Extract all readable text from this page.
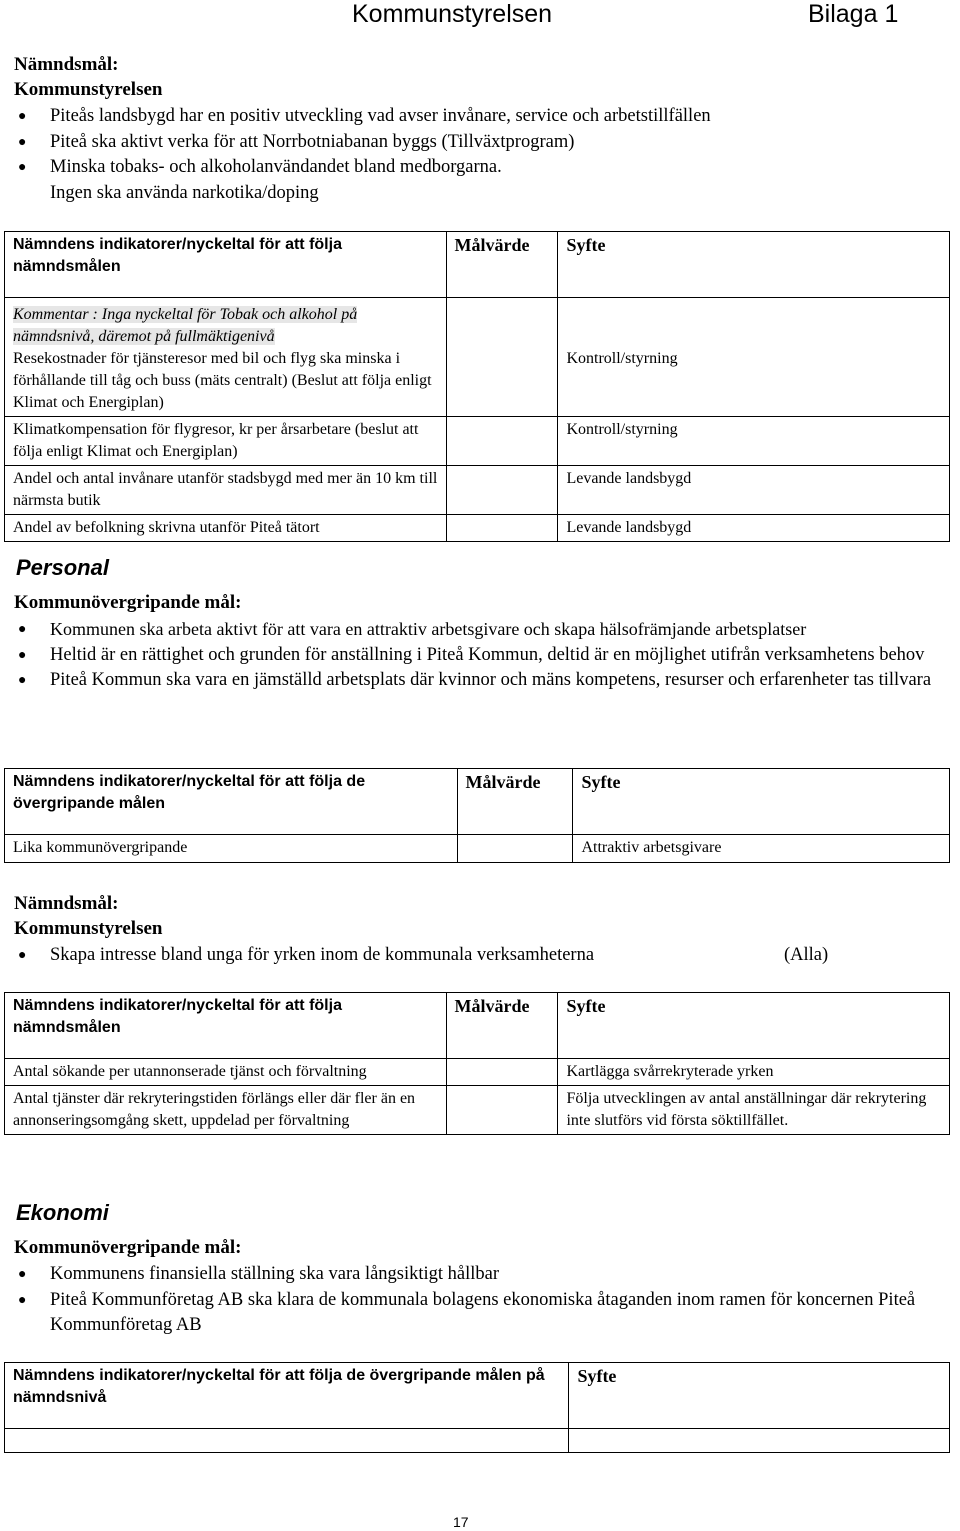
Kommunstyrelsen	Bilaga 1
Nämndsmål:
Kommunstyrelsen
● Piteås landsbygd har en positiv utveckling vad avser invånare, service och arbetstillfällen
● Piteå ska aktivt verka för att Norrbotniabanan byggs (Tillväxtprogram)
● Minska tobaks- och alkoholanvändandet bland medborgarna.
Ingen ska använda narkotika/doping
Nämndens indikatorer/nyckeltal för att följa nämndsmålen	Målvärde	Syfte
Kommentar : Inga nyckeltal för Tobak och alkohol på nämndsnivå, däremot på fullmäktigenivå
Resekostnader för tjänsteresor med bil och flyg ska minska i förhållande till tåg och buss (mäts centralt) (Beslut att följa enligt Klimat och Energiplan)		Kontroll/styrning
Klimatkompensation för flygresor, kr per årsarbetare (beslut att följa enligt Klimat och Energiplan)		Kontroll/styrning
Andel och antal invånare utanför stadsbygd med mer än 10 km till närmsta butik		Levande landsbygd
Andel av befolkning skrivna utanför Piteå tätort		Levande landsbygd
Personal
Kommunövergripande mål:
● Kommunen ska arbeta aktivt för att vara en attraktiv arbetsgivare och skapa hälsofrämjande arbetsplatser
● Heltid är en rättighet och grunden för anställning i Piteå Kommun, deltid är en möjlighet utifrån verksamhetens behov
● Piteå Kommun ska vara en jämställd arbetsplats där kvinnor och mäns kompetens, resurser och erfarenheter tas tillvara
Nämndens indikatorer/nyckeltal för att följa de övergripande målen	Målvärde	Syfte
Lika kommunövergripande		Attraktiv arbetsgivare
Nämndsmål:
Kommunstyrelsen
● Skapa intresse bland unga för yrken inom de kommunala verksamheterna	(Alla)
Nämndens indikatorer/nyckeltal för att följa nämndsmålen	Målvärde	Syfte
Antal sökande per utannonserade tjänst och förvaltning		Kartlägga svårrekryterade yrken
Antal tjänster där rekryteringstiden förlängs eller där fler än en annonseringsomgång skett, uppdelad per förvaltning		Följa utvecklingen av antal anställningar där rekrytering inte slutförs vid första söktillfället.
Ekonomi
Kommunövergripande mål:
● Kommunens finansiella ställning ska vara långsiktigt hållbar
● Piteå Kommunföretag AB ska klara de kommunala bolagens ekonomiska åtaganden inom ramen för koncernen Piteå Kommunföretag AB
Nämndens indikatorer/nyckeltal för att följa de övergripande målen på nämndsnivå	Syfte

17
